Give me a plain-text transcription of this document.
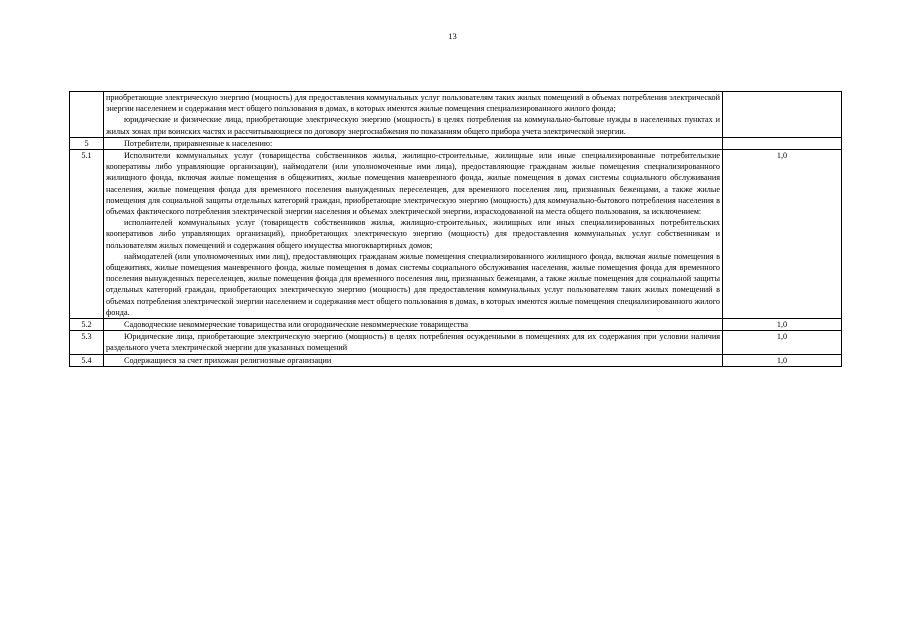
13

	приобретающие электрическую энергию (мощность) для предоставления коммунальных услуг пользователям таких жилых помещений в объемах потребления электрической энергии населением и содержания мест общего пользования в домах, в которых имеются жилые помещения специализированного жилого фонда;
юридические и физические лица, приобретающие электрическую энергию (мощность) в целях потребления на коммунально-бытовые нужды в населенных пунктах и жилых зонах при воинских частях и рассчитывающиеся по договору энергоснабжения по показаниям общего прибора учета электрической энергии.	

5	Потребители, приравненные к населению:	

5.1	Исполнители коммунальных услуг (товарищества собственников жилья, жилищно-строительные, жилищные или иные специализированные потребительские кооперативы либо управляющие организации), наймодатели (или уполномоченные ими лица), предоставляющие гражданам жилые помещения специализированного жилищного фонда, включая жилые помещения в общежитиях, жилые помещения маневренного фонда, жилые помещения в домах системы социального обслуживания населения, жилые помещения фонда для временного поселения вынужденных переселенцев, для временного поселения лиц, признанных беженцами, а также жилые помещения для социальной защиты отдельных категорий граждан, приобретающие электрическую энергию (мощность) для коммунально-бытового потребления населения в объемах фактического потребления электрической энергии населения и объемах электрической энергии, израсходованной на места общего пользования, за исключением:
исполнителей коммунальных услуг (товариществ собственников жилья, жилищно-строительных, жилищных или иных специализированных потребительских кооперативов либо управляющих организаций), приобретающих электрическую энергию (мощность) для предоставления коммунальных услуг собственникам и пользователям жилых помещений и содержания общего имущества многоквартирных домов;
наймодателей (или уполномоченных ими лиц), предоставляющих гражданам жилые помещения специализированного жилищного фонда, включая жилые помещения в общежитиях, жилые помещения маневренного фонда, жилые помещения в домах системы социального обслуживания населения, жилые помещения фонда для временного поселения вынужденных переселенцев, жилые помещения фонда для временного поселения лиц, признанных беженцами, а также жилые помещения для социальной защиты отдельных категорий граждан, приобретающих электрическую энергию (мощность) для предоставления коммунальных услуг пользователям таких жилых помещений в объемах потребления электрической энергии населением и содержания мест общего пользования в домах, в которых имеются жилые помещения специализированного жилого фонда.	1,0
5.2	Садоводческие некоммерческие товарищества или огороднические некоммерческие товарищества	1,0
5.3	Юридические лица, приобретающие электрическую энергию (мощность) в целях потребления осужденными в помещениях для их содержания при условии наличия раздельного учета электрической энергии для указанных помещений	1,0
5.4	Содержащиеся за счет прихожан религиозные организации	1,0
